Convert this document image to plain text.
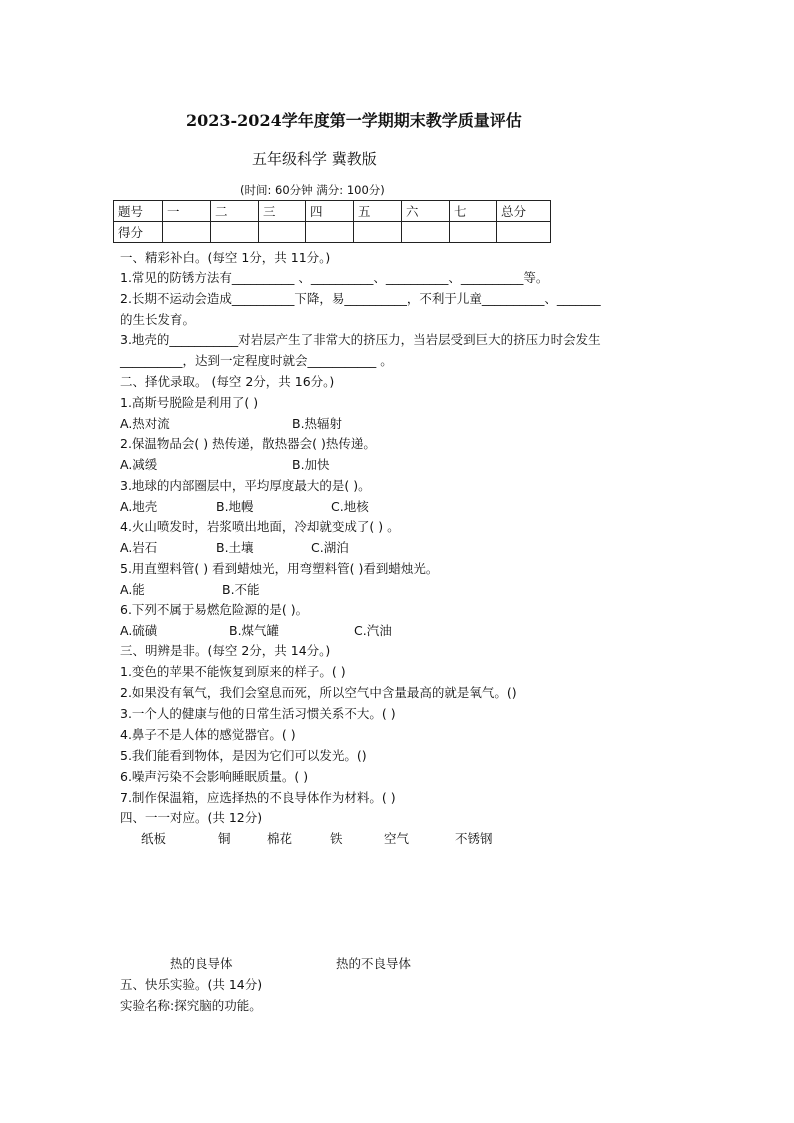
2023-2024学年度第一学期期末教学质量评估
五年级科学 冀教版
(时间: 60分钟 满分: 100分)
题号	一	二	三	四	五	六	七	总分
得分								
一、精彩补白。(每空 1分，共 11分。)
1.常见的防锈方法有__________ 、__________、__________、__________等。
2.长期不运动会造成__________下降，易__________，不利于儿童__________、_______
的生长发育。
3.地壳的___________对岩层产生了非常大的挤压力，当岩层受到巨大的挤压力时会发生
__________，达到一定程度时就会___________ 。
二、择优录取。 (每空 2分，共 16分。)
1.高斯号脱险是利用了( )
A.热对流	B.热辐射
2.保温物品会( ) 热传递，散热器会( )热传递。
A.减缓	B.加快
3.地球的内部圈层中，平均厚度最大的是( )。
A.地壳	B.地幔	C.地核
4.火山喷发时，岩浆喷出地面，冷却就变成了( ) 。
A.岩石	B.土壤	C.湖泊
5.用直塑料管( ) 看到蜡烛光，用弯塑料管( )看到蜡烛光。
A.能	B.不能
6.下列不属于易燃危险源的是( )。
A.硫磺	B.煤气罐	C.汽油
三、明辨是非。(每空 2分，共 14分。)
1.变色的苹果不能恢复到原来的样子。( )
2.如果没有氧气，我们会窒息而死，所以空气中含量最高的就是氧气。()
3.一个人的健康与他的日常生活习惯关系不大。( )
4.鼻子不是人体的感觉器官。( )
5.我们能看到物体，是因为它们可以发光。()
6.噪声污染不会影响睡眠质量。( )
7.制作保温箱，应选择热的不良导体作为材料。( )
四、一一对应。(共 12分)
纸板	铜	棉花	铁	空气	不锈钢
热的良导体	热的不良导体
五、快乐实验。(共 14分)
实验名称:探究脑的功能。
